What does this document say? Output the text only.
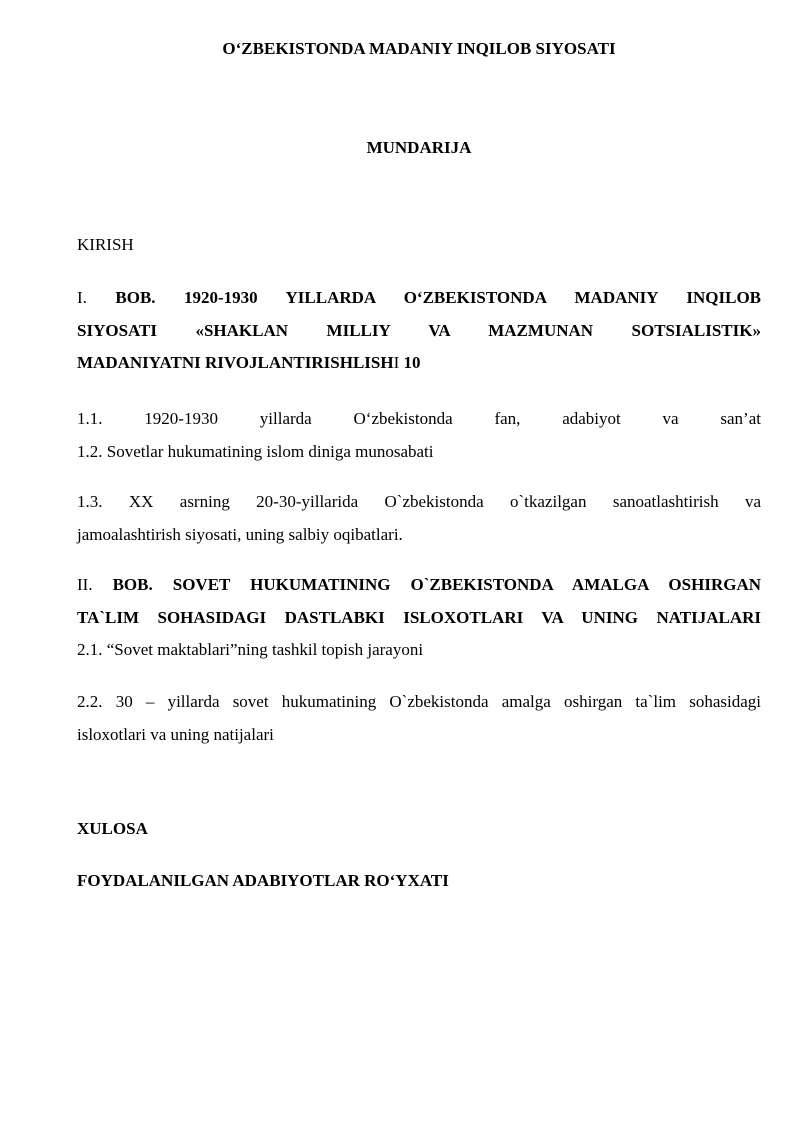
O‘ZBEKISTONDA MADANIY INQILOB SIYOSATI
MUNDARIJA
KIRISH
I. BOB. 1920-1930 YILLARDA O‘ZBEKISTONDA MADANIY INQILOB
SIYOSATI «SHAKLAN MILLIY VA MAZMUNAN SOTSIALISTIK»
MADANIYATNI RIVOJLANTIRISHLISHI 10
1.1. 1920-1930 yillarda O‘zbekistonda fan, adabiyot va san’at
1.2. Sovetlar hukumatining islom diniga munosabati
1.3. XX asrning 20-30-yillarida O`zbekistonda o`tkazilgan sanoatlashtirish va
jamoalashtirish siyosati, uning salbiy oqibatlari.
II. BOB. SOVET HUKUMATINING O`ZBEKISTONDA AMALGA OSHIRGAN
TA`LIM SOHASIDAGI DASTLABKI ISLOXOTLARI VA UNING NATIJALARI
2.1. “Sovet maktablari”ning tashkil topish jarayoni
2.2. 30 – yillarda sovet hukumatining O`zbekistonda amalga oshirgan ta`lim sohasidagi
isloxotlari va uning natijalari
XULOSA
FOYDALANILGAN ADABIYOTLAR RO‘YXATI
